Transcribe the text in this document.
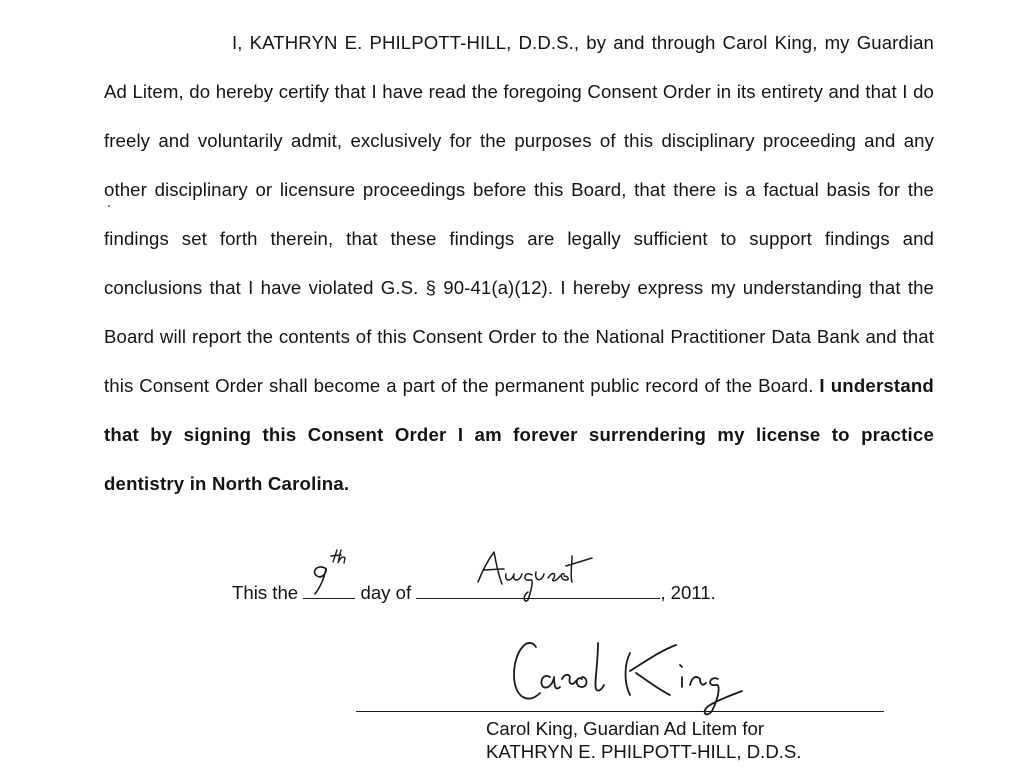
I, KATHRYN E. PHILPOTT-HILL, D.D.S., by and through Carol King, my Guardian Ad Litem, do hereby certify that I have read the foregoing Consent Order in its entirety and that I do freely and voluntarily admit, exclusively for the purposes of this disciplinary proceeding and any other disciplinary or licensure proceedings before this Board, that there is a factual basis for the findings set forth therein, that these findings are legally sufficient to support findings and conclusions that I have violated G.S. § 90-41(a)(12). I hereby express my understanding that the Board will report the contents of this Consent Order to the National Practitioner Data Bank and that this Consent Order shall become a part of the permanent public record of the Board. I understand that by signing this Consent Order I am forever surrendering my license to practice dentistry in North Carolina.

This the	day of	, 2011.
Carol King, Guardian Ad Litem for
KATHRYN E. PHILPOTT-HILL, D.D.S.
